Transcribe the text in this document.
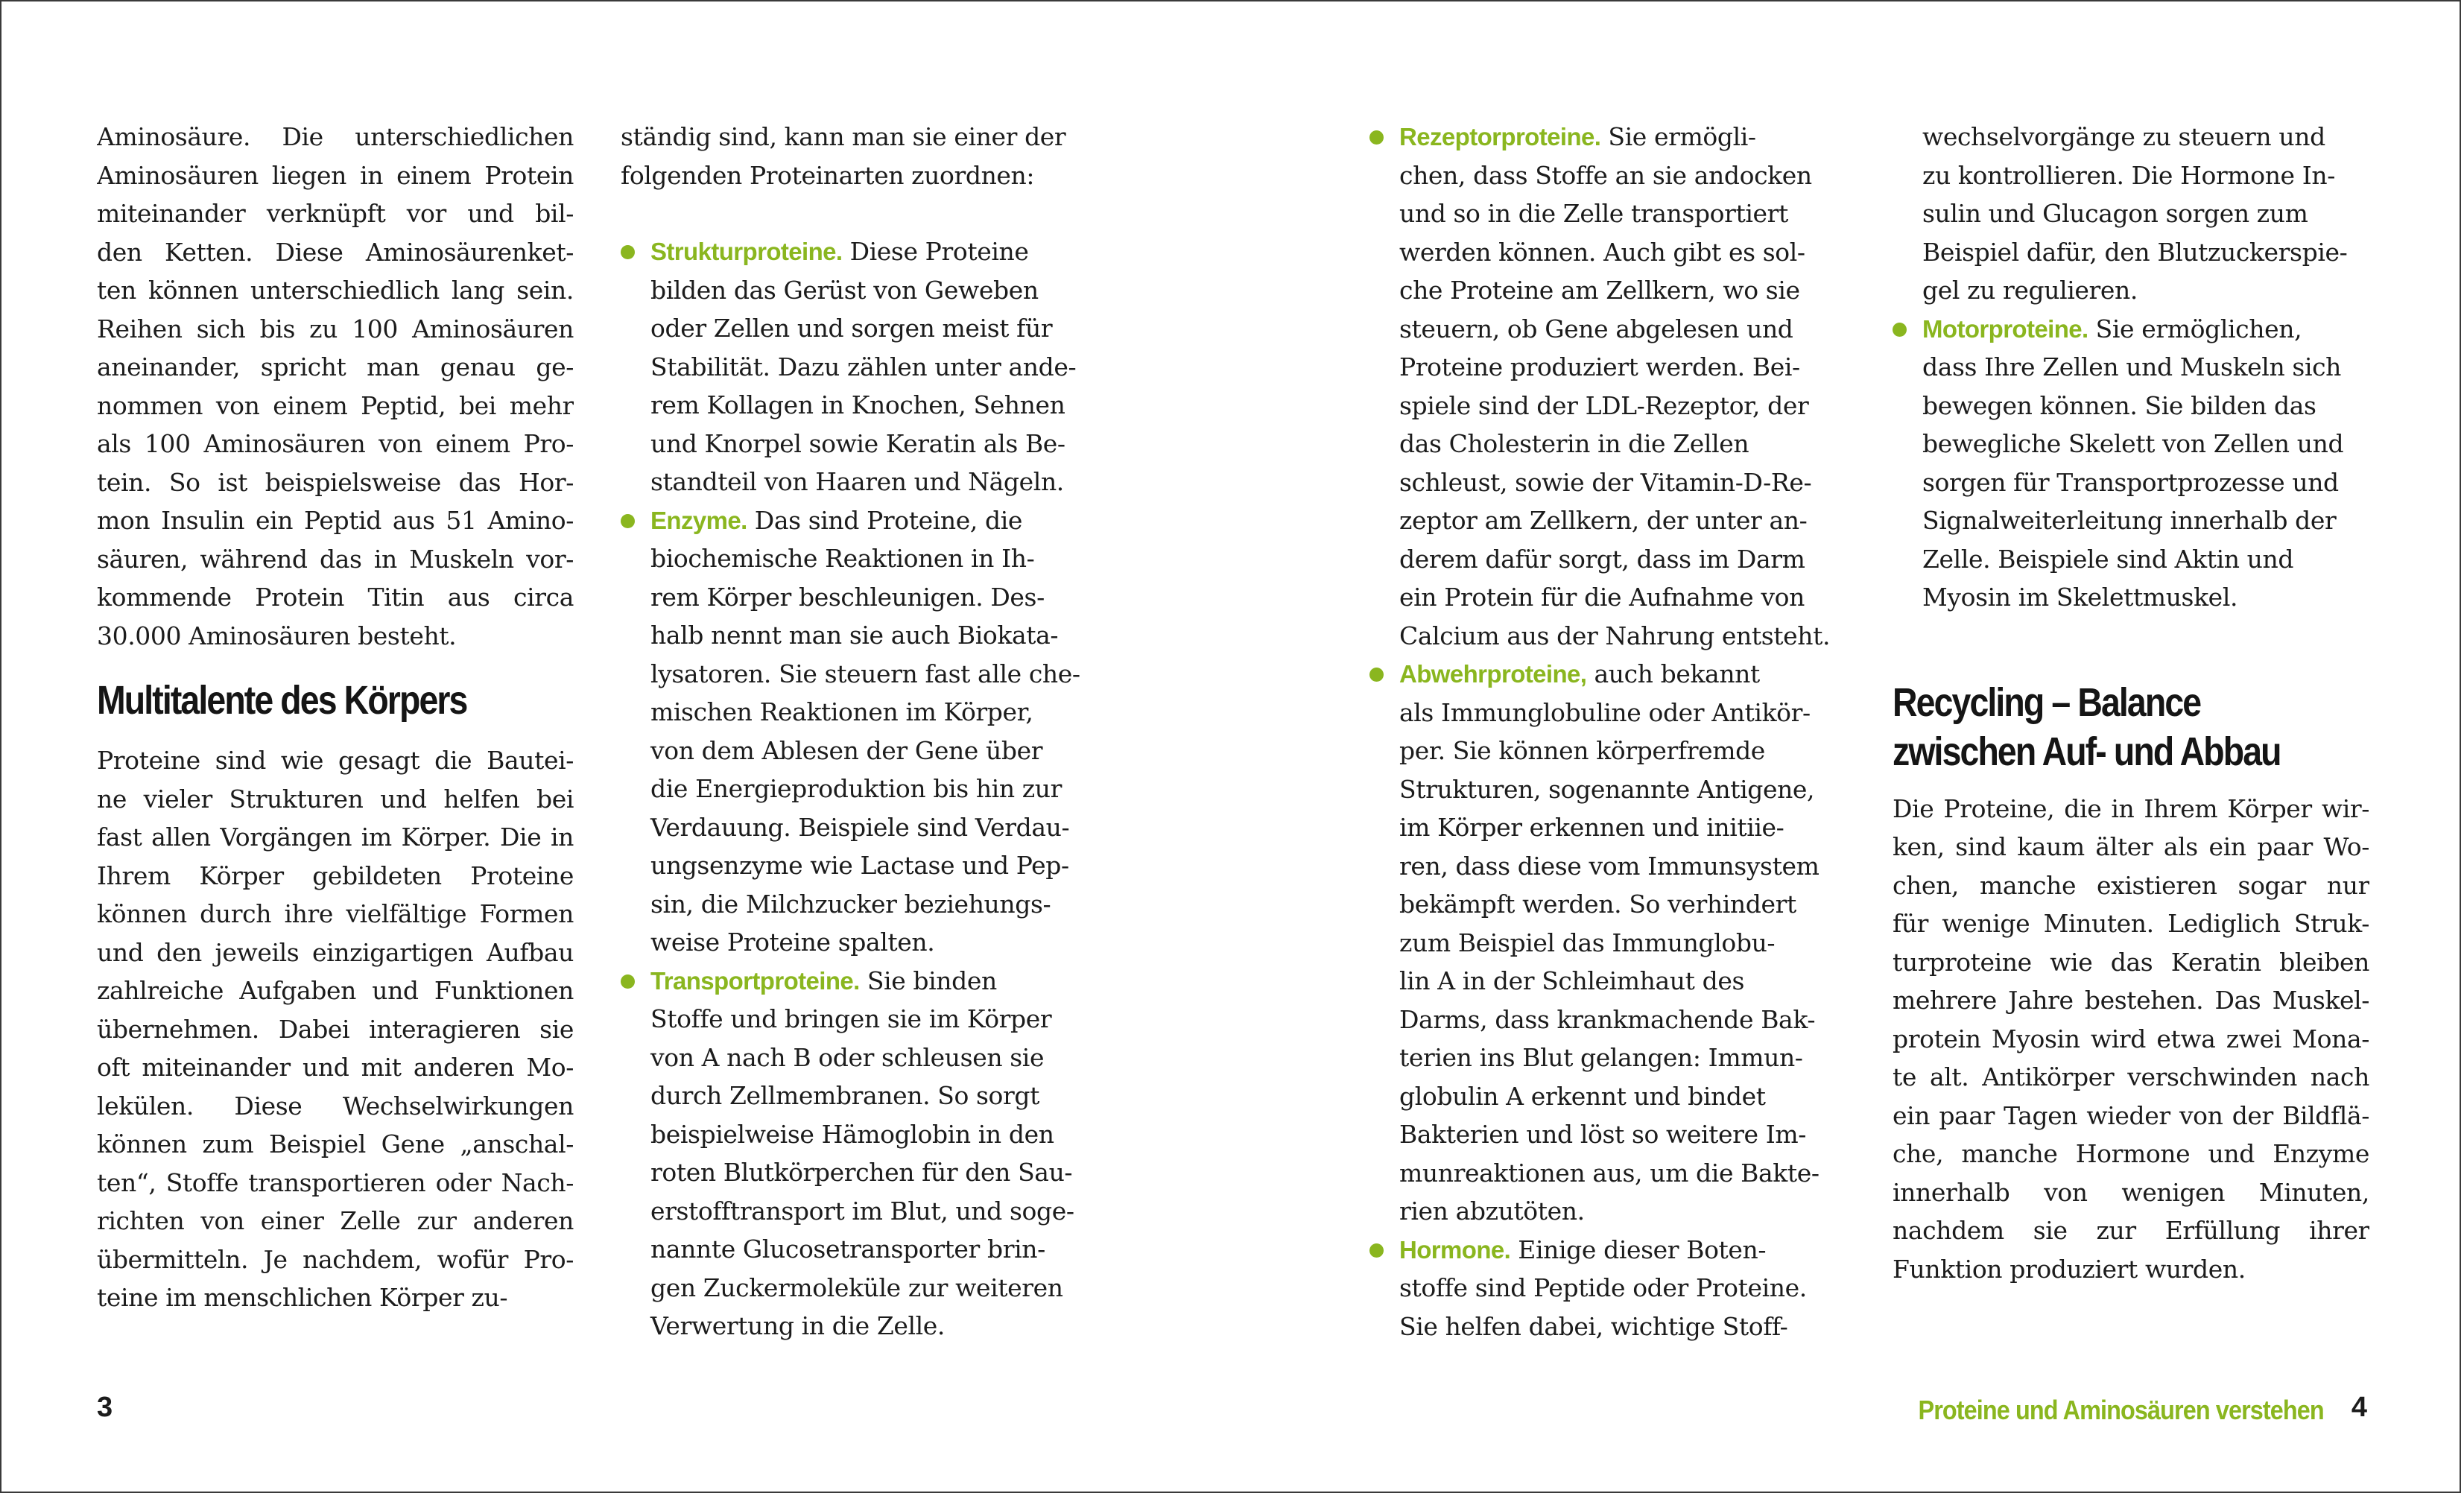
Aminosäure. Die unterschiedlichen
Aminosäuren liegen in einem Protein
miteinander verknüpft vor und bil-
den Ketten. Diese Aminosäurenket-
ten können unterschiedlich lang sein.
Reihen sich bis zu 100 Aminosäuren
aneinander, spricht man genau ge-
nommen von einem Peptid, bei mehr
als 100 Aminosäuren von einem Pro-
tein. So ist beispielsweise das Hor-
mon Insulin ein Peptid aus 51 Amino-
säuren, während das in Muskeln vor-
kommende Protein Titin aus circa
30.000 Aminosäuren besteht.
Multitalente des Körpers
Proteine sind wie gesagt die Bautei-
ne vieler Strukturen und helfen bei
fast allen Vorgängen im Körper. Die in
Ihrem Körper gebildeten Proteine
können durch ihre vielfältige Formen
und den jeweils einzigartigen Aufbau
zahlreiche Aufgaben und Funktionen
übernehmen. Dabei interagieren sie
oft miteinander und mit anderen Mo-
lekülen. Diese Wechselwirkungen
können zum Beispiel Gene „anschal-
ten“, Stoffe transportieren oder Nach-
richten von einer Zelle zur anderen
übermitteln. Je nachdem, wofür Pro-
teine im menschlichen Körper zu-
ständig sind, kann man sie einer der
folgenden Proteinarten zuordnen:
Strukturproteine. Diese Proteine
bilden das Gerüst von Geweben
oder Zellen und sorgen meist für
Stabilität. Dazu zählen unter ande-
rem Kollagen in Knochen, Sehnen
und Knorpel sowie Keratin als Be-
standteil von Haaren und Nägeln.
Enzyme. Das sind Proteine, die
biochemische Reaktionen in Ih-
rem Körper beschleunigen. Des-
halb nennt man sie auch Biokata-
lysatoren. Sie steuern fast alle che-
mischen Reaktionen im Körper,
von dem Ablesen der Gene über
die Energieproduktion bis hin zur
Verdauung. Beispiele sind Verdau-
ungsenzyme wie Lactase und Pep-
sin, die Milchzucker beziehungs-
weise Proteine spalten.
Transportproteine. Sie binden
Stoffe und bringen sie im Körper
von A nach B oder schleusen sie
durch Zellmembranen. So sorgt
beispielweise Hämoglobin in den
roten Blutkörperchen für den Sau-
erstofftransport im Blut, und soge-
nannte Glucosetransporter brin-
gen Zuckermoleküle zur weiteren
Verwertung in die Zelle.
Rezeptorproteine. Sie ermögli-
chen, dass Stoffe an sie andocken
und so in die Zelle transportiert
werden können. Auch gibt es sol-
che Proteine am Zellkern, wo sie
steuern, ob Gene abgelesen und
Proteine produziert werden. Bei-
spiele sind der LDL-Rezeptor, der
das Cholesterin in die Zellen
schleust, sowie der Vitamin-D-Re-
zeptor am Zellkern, der unter an-
derem dafür sorgt, dass im Darm
ein Protein für die Aufnahme von
Calcium aus der Nahrung entsteht.
Abwehrproteine, auch bekannt
als Immunglobuline oder Antikör-
per. Sie können körperfremde
Strukturen, sogenannte Antigene,
im Körper erkennen und initiie-
ren, dass diese vom Immunsystem
bekämpft werden. So verhindert
zum Beispiel das Immunglobu-
lin A in der Schleimhaut des
Darms, dass krankmachende Bak-
terien ins Blut gelangen: Immun-
globulin A erkennt und bindet
Bakterien und löst so weitere Im-
munreaktionen aus, um die Bakte-
rien abzutöten.
Hormone. Einige dieser Boten-
stoffe sind Peptide oder Proteine.
Sie helfen dabei, wichtige Stoff-
wechselvorgänge zu steuern und
zu kontrollieren. Die Hormone In-
sulin und Glucagon sorgen zum
Beispiel dafür, den Blutzuckerspie-
gel zu regulieren.
Motorproteine. Sie ermöglichen,
dass Ihre Zellen und Muskeln sich
bewegen können. Sie bilden das
bewegliche Skelett von Zellen und
sorgen für Transportprozesse und
Signalweiterleitung innerhalb der
Zelle. Beispiele sind Aktin und
Myosin im Skelettmuskel.
Recycling – Balance
zwischen Auf- und Abbau
Die Proteine, die in Ihrem Körper wir-
ken, sind kaum älter als ein paar Wo-
chen, manche existieren sogar nur
für wenige Minuten. Lediglich Struk-
turproteine wie das Keratin bleiben
mehrere Jahre bestehen. Das Muskel-
protein Myosin wird etwa zwei Mona-
te alt. Antikörper verschwinden nach
ein paar Tagen wieder von der Bildflä-
che, manche Hormone und Enzyme
innerhalb von wenigen Minuten,
nachdem sie zur Erfüllung ihrer
Funktion produziert wurden.
3	Proteine und Aminosäuren verstehen 4
